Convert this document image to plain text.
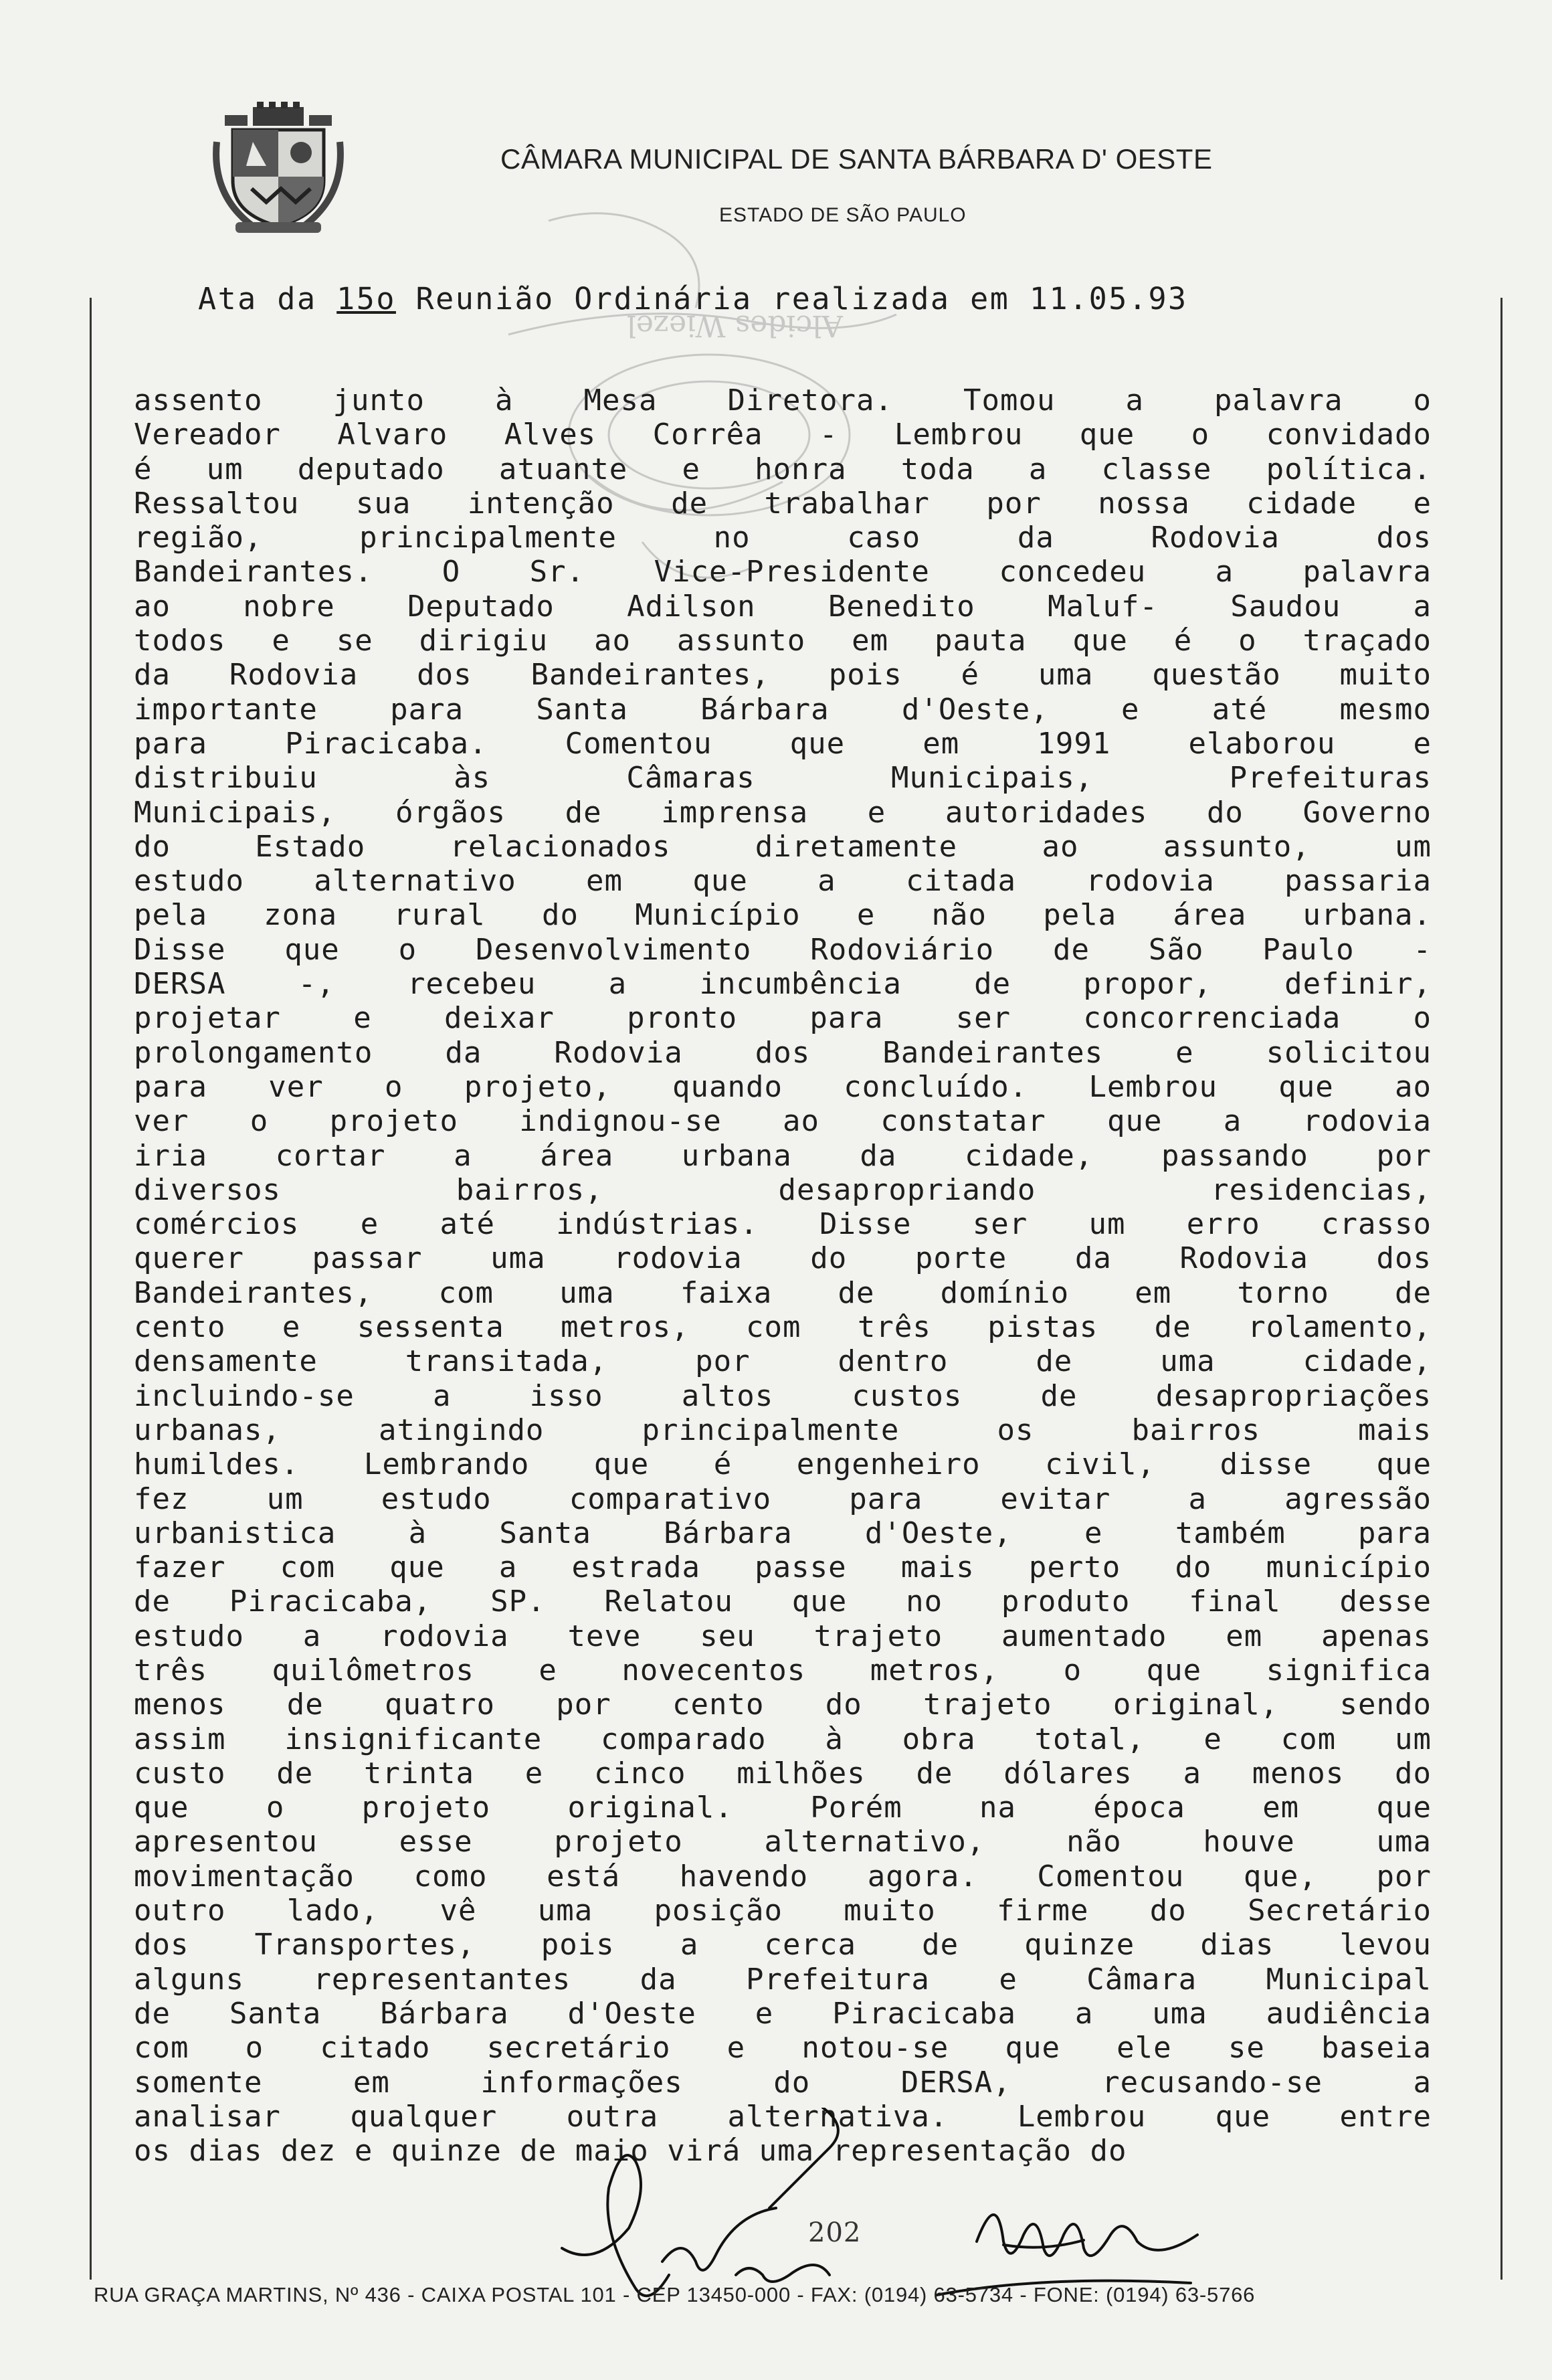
CÂMARA MUNICIPAL DE SANTA BÁRBARA D' OESTE
ESTADO DE SÃO PAULO
Alcides Wiezel
Ata da 15o Reunião Ordinária realizada em 11.05.93
assento junto à Mesa Diretora. Tomou a palavra o
Vereador Alvaro Alves Corrêa - Lembrou que o convidado
é um deputado atuante e honra toda a classe política.
Ressaltou sua intenção de trabalhar por nossa cidade e
região, principalmente no caso da Rodovia dos
Bandeirantes. O Sr. Vice-Presidente concedeu a palavra
ao nobre Deputado Adilson Benedito Maluf- Saudou a
todos e se dirigiu ao assunto em pauta que é o traçado
da Rodovia dos Bandeirantes, pois é uma questão muito
importante para Santa Bárbara d'Oeste, e até mesmo
para Piracicaba. Comentou que em 1991 elaborou e
distribuiu às Câmaras Municipais, Prefeituras
Municipais, órgãos de imprensa e autoridades do Governo
do Estado relacionados diretamente ao assunto, um
estudo alternativo em que a citada rodovia passaria
pela zona rural do Município e não pela área urbana.
Disse que o Desenvolvimento Rodoviário de São Paulo -
DERSA -, recebeu a incumbência de propor, definir,
projetar e deixar pronto para ser concorrenciada o
prolongamento da Rodovia dos Bandeirantes e solicitou
para ver o projeto, quando concluído. Lembrou que ao
ver o projeto indignou-se ao constatar que a rodovia
iria cortar a área urbana da cidade, passando por
diversos bairros, desapropriando residencias,
comércios e até indústrias. Disse ser um erro crasso
querer passar uma rodovia do porte da Rodovia dos
Bandeirantes, com uma faixa de domínio em torno de
cento e sessenta metros, com três pistas de rolamento,
densamente transitada, por dentro de uma cidade,
incluindo-se a isso altos custos de desapropriações
urbanas, atingindo principalmente os bairros mais
humildes. Lembrando que é engenheiro civil, disse que
fez um estudo comparativo para evitar a agressão
urbanistica à Santa Bárbara d'Oeste, e também para
fazer com que a estrada passe mais perto do município
de Piracicaba, SP. Relatou que no produto final desse
estudo a rodovia teve seu trajeto aumentado em apenas
três quilômetros e novecentos metros, o que significa
menos de quatro por cento do trajeto original, sendo
assim insignificante comparado à obra total, e com um
custo de trinta e cinco milhões de dólares a menos do
que o projeto original. Porém na época em que
apresentou esse projeto alternativo, não houve uma
movimentação como está havendo agora. Comentou que, por
outro lado, vê uma posição muito firme do Secretário
dos Transportes, pois a cerca de quinze dias levou
alguns representantes da Prefeitura e Câmara Municipal
de Santa Bárbara d'Oeste e Piracicaba a uma audiência
com o citado secretário e notou-se que ele se baseia
somente em informações do DERSA, recusando-se a
analisar qualquer outra alternativa. Lembrou que entre
os dias dez e quinze de maio virá uma representação do
202
RUA GRAÇA MARTINS, Nº 436 - CAIXA POSTAL 101 - CEP 13450-000 - FAX: (0194) 63-5734 - FONE: (0194) 63-5766
